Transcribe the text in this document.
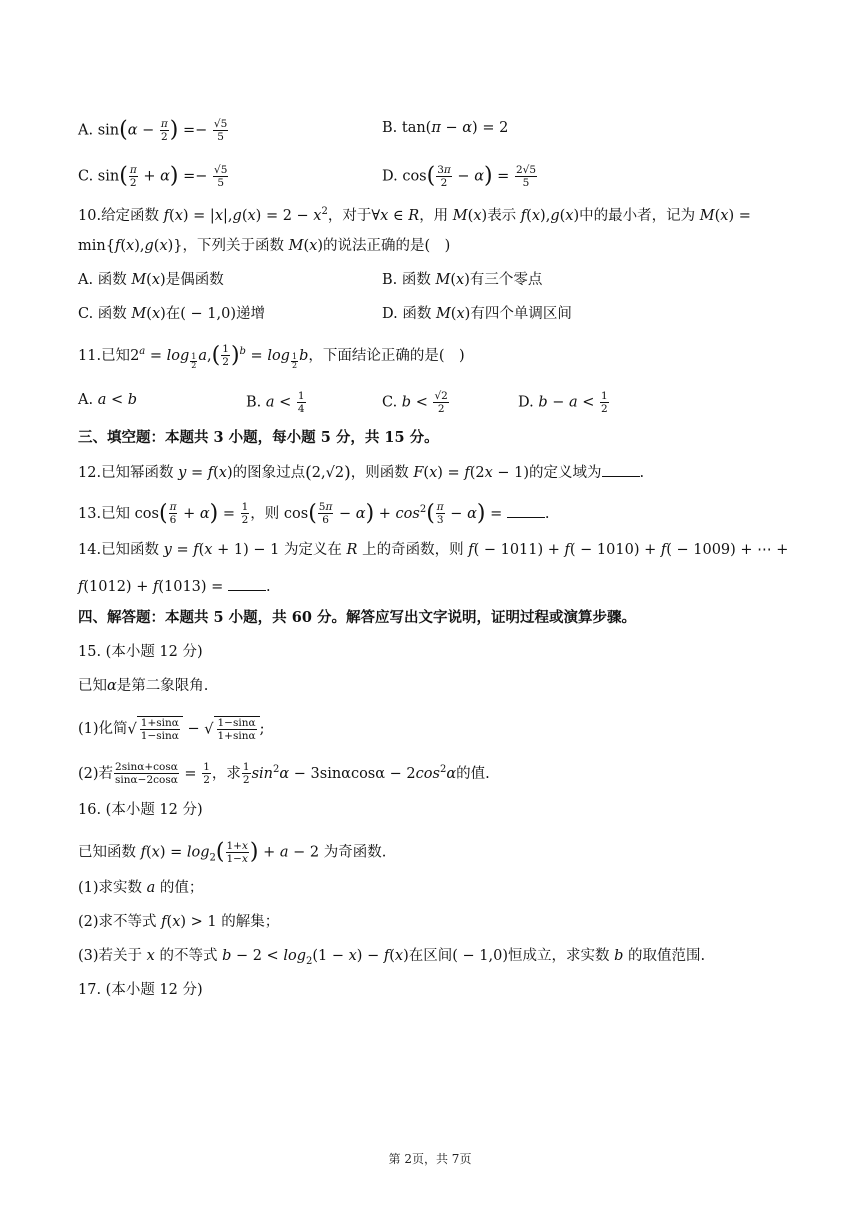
A. $\sin(\alpha - \frac{\pi}{2}$ ) =− $\frac{√5}{5}$	B. tan(π − α) = 2
C. $\sin( \frac{\pi}{2} + \alpha) =- \frac{√5}{5}$	D. $\cos( \frac{3\pi}{2} - \alpha) = \frac{2√5}{5}$
10.给定函数 $f(x) = |x|,g(x) = 2 - x^2$，对于∀x ∈ R，用 M(x)表示 f(x),g(x)中的最小者，记为 M(x) =
min{f(x),g(x)}，下列关于函数 M(x)的说法正确的是(　)
A. 函数 M(x)是偶函数	B. 函数 M(x)有三个零点
C. 函数 M(x)在( − 1,0)递增	D. 函数 M(x)有四个单调区间
11.已知$2^a = \log _{\frac{1}{2}}$ $a,( \frac{1}{2} )^b = \log _{\frac{1}{2}}$ b，下面结论正确的是(　)
A. a < b	B. $a < \frac{1}{4}$	C. $b < \frac{√2}{2}$	D. $b - a < \frac{1}{2}$
三、填空题：本题共 3 小题，每小题 5 分，共 15 分。
12.已知幂函数 y = f(x)的图象过点(2,√2)，则函数 F(x) = f(2x − 1)的定义域为	.
13.已知 $\cos( \frac{\pi}{6} + \alpha) = \frac{1}{2}$ ，则 $\cos( \frac{5\pi}{6} - \alpha) + \cos^2( \frac{\pi}{3} - \alpha)$ =	.
14.已知函数 y = f(x + 1) − 1 为定义在 R 上的奇函数，则 f( − 1011) + f( − 1010) + f( − 1009) + ⋯ +
f(1012) + f(1013) =	.
四、解答题：本题共 5 小题，共 60 分。解答应写出文字说明，证明过程或演算步骤。
15. (本小题 12 分)
已知α是第二象限角.
(1)化简√ $\frac{1+\sin\alpha}{1-\sin\alpha}$ − √ $\frac{1-\sin\alpha}{1+\sin\alpha}$ ;
(2)若 $\frac{2\sin\alpha+\cos\alpha}{\sin\alpha-2\cos\alpha} = \frac{1}{2}$ ，求 $\frac{1}{2} \sin^2\alpha - 3\sin\alpha\cos\alpha - 2\cos^2\alpha$的值.
16. (本小题 12 分)
已知函数 $f(x) = \log_2( \frac{1+x}{1-x}$ ) + a − 2 为奇函数.
(1)求实数 a 的值；
(2)求不等式 f(x) > 1 的解集；
(3)若关于 x 的不等式 $b - 2 < \log_2(1 - x) - f(x)$在区间( − 1,0)恒成立，求实数 b 的取值范围.
17. (本小题 12 分)
第 2页，共 7页
